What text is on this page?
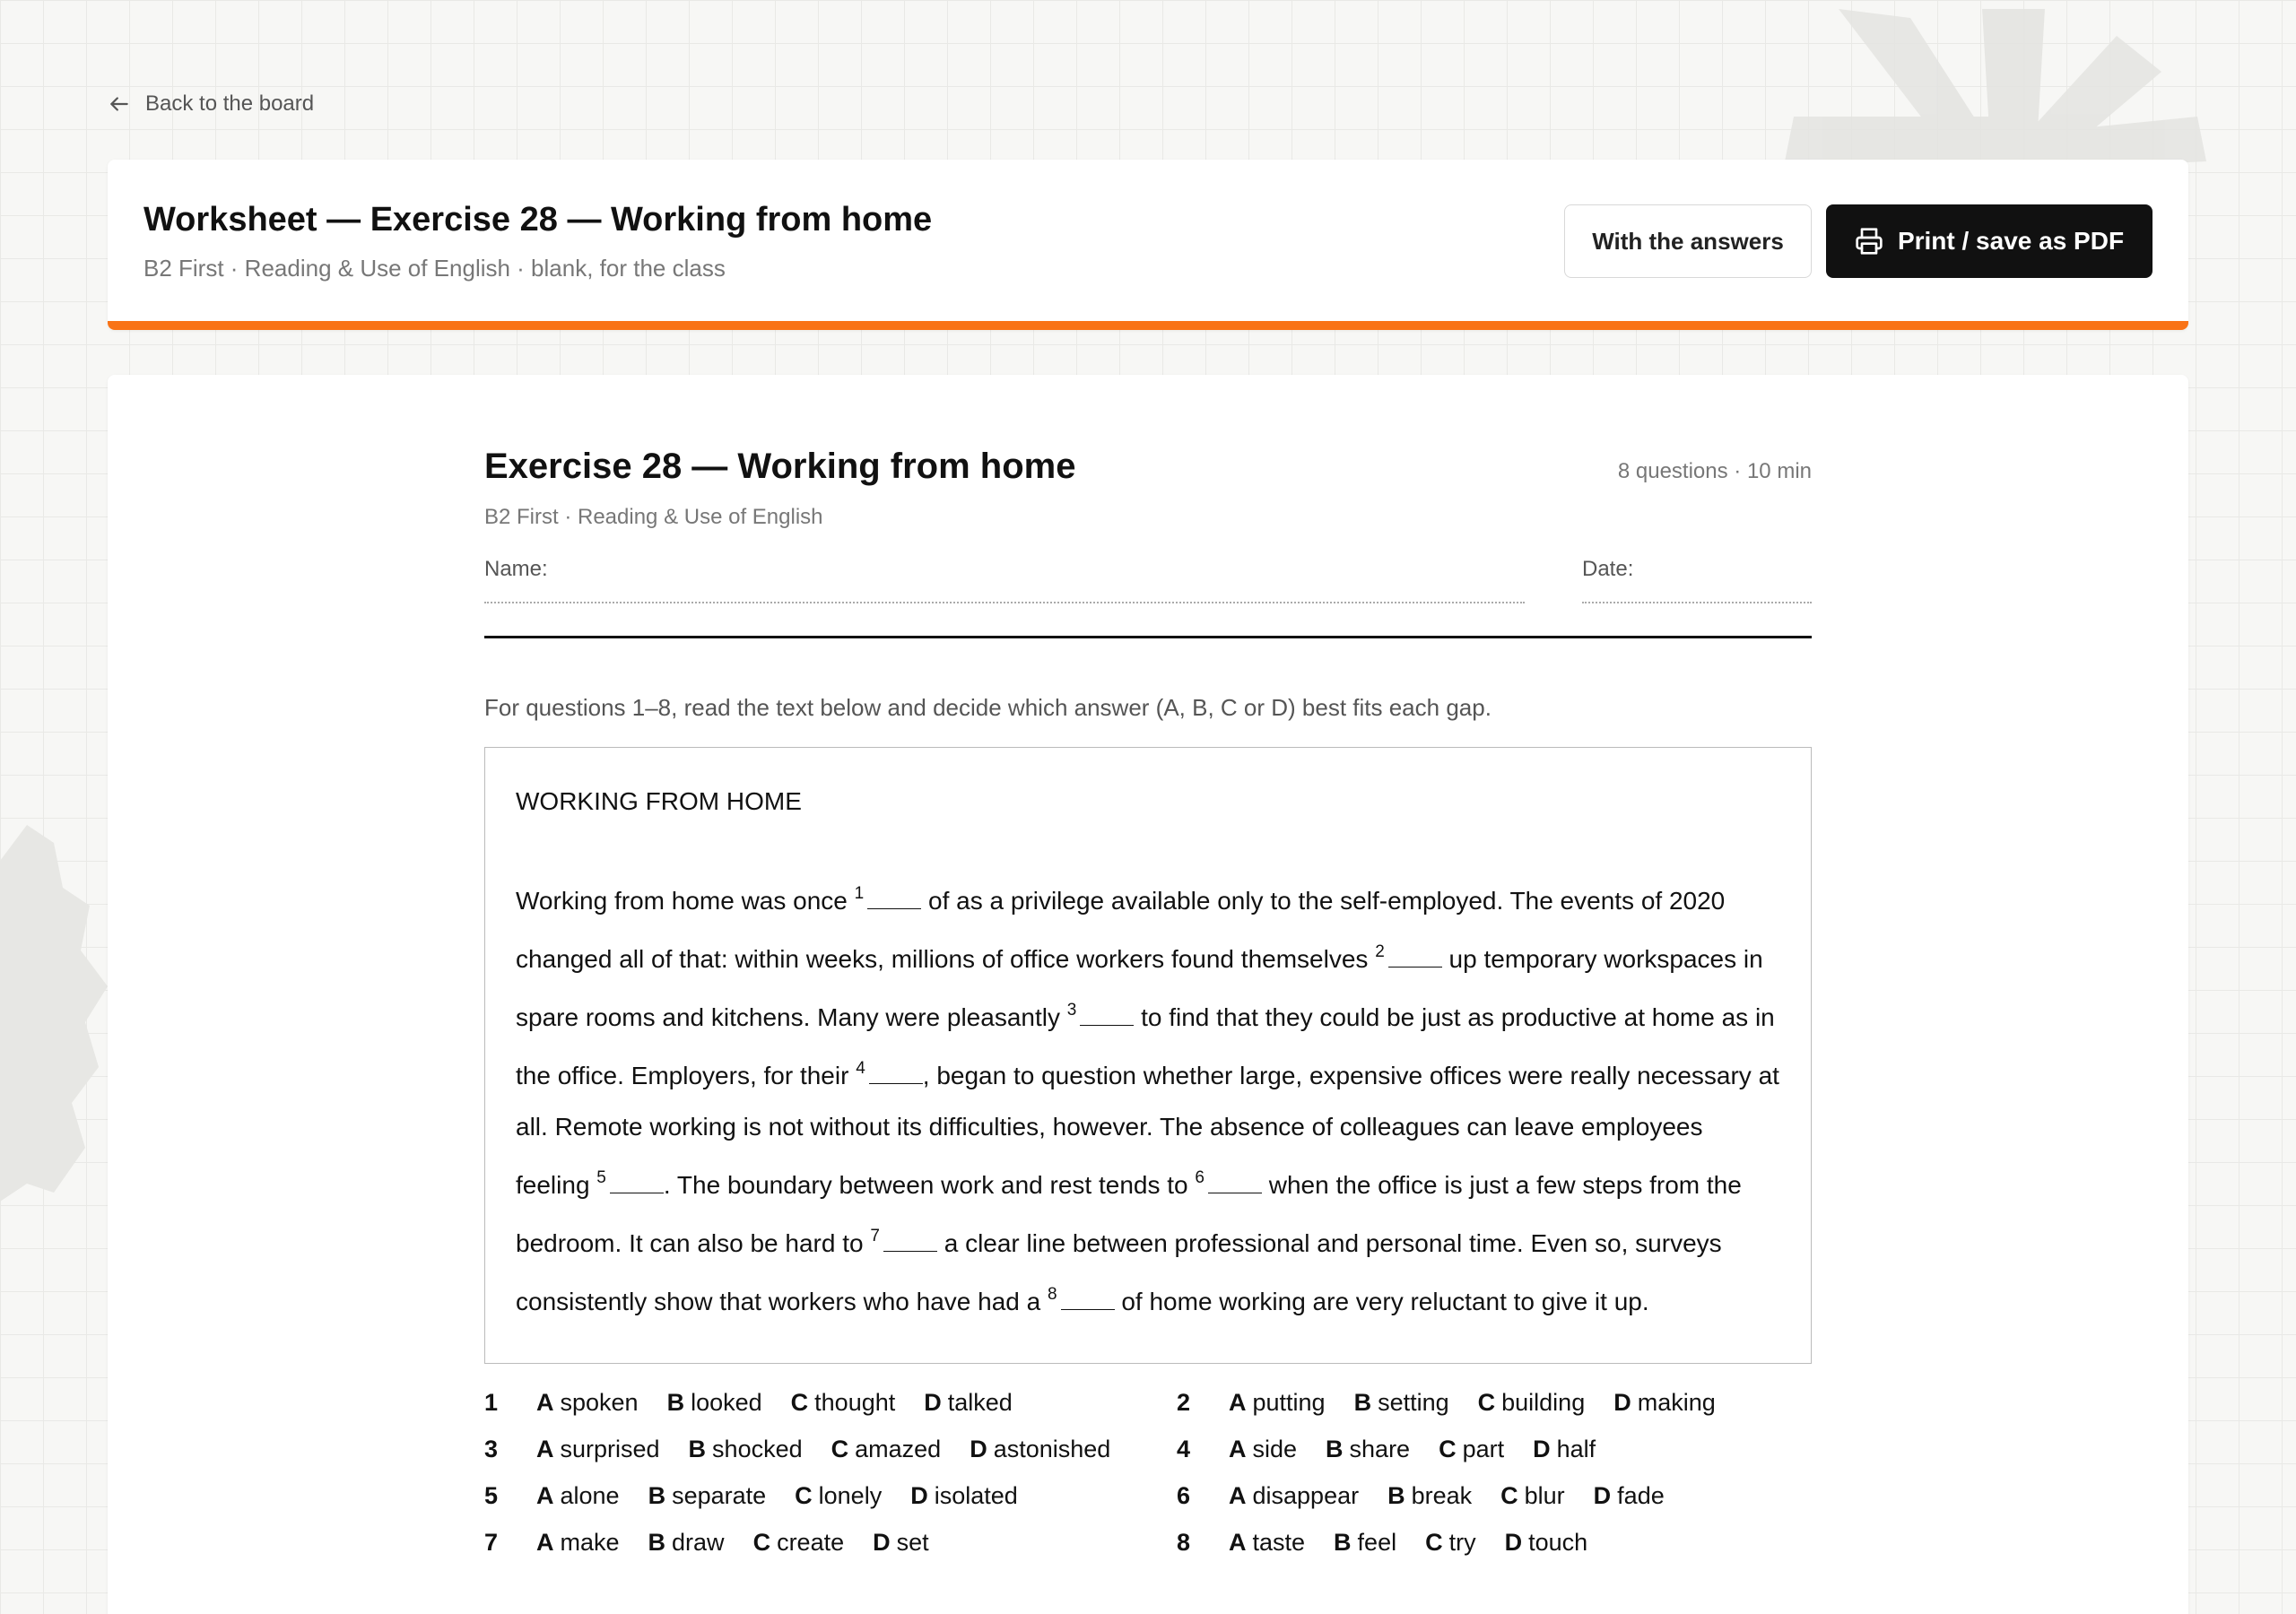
Back to the board
Worksheet — Exercise 28 — Working from home
B2 First · Reading & Use of English · blank, for the class
With the answers	Print / save as PDF
Exercise 28 — Working from home	8 questions · 10 min
B2 First · Reading & Use of English
Name:	Date:
For questions 1–8, read the text below and decide which answer (A, B, C or D) best fits each gap.
WORKING FROM HOME
Working from home was once $^1$ of as a privilege available only to the self-employed. The events of 2020 changed all of that: within weeks, millions of office workers found themselves $^2$ up temporary workspaces in spare rooms and kitchens. Many were pleasantly $^3$ to find that they could be just as productive at home as in the office. Employers, for their $^4$ , began to question whether large, expensive offices were really necessary at all. Remote working is not without its difficulties, however. The absence of colleagues can leave employees feeling $^5$ . The boundary between work and rest tends to $^6$ when the office is just a few steps from the bedroom. It can also be hard to $^7$ a clear line between professional and personal time. Even so, surveys consistently show that workers who have had a $^8$ of home working are very reluctant to give it up.
1	A spoken B looked C thought D talked	2	A putting B setting C building D making
3	A surprised B shocked C amazed D astonished	4	A side B share C part D half
5	A alone B separate C lonely D isolated	6	A disappear B break C blur D fade
7	A make B draw C create D set	8	A taste B feel C try D touch
